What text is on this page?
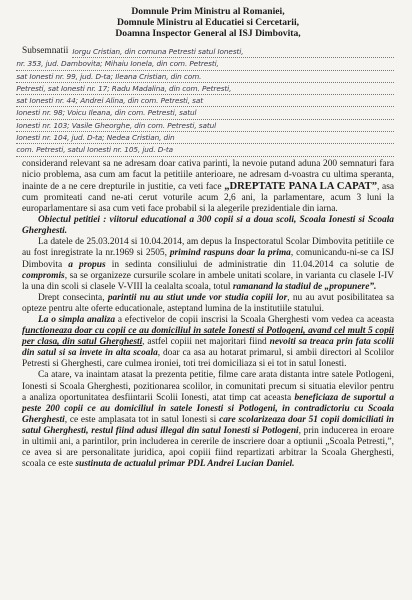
Domnule Prim Ministru al Romaniei,
Domnule Ministru al Educatiei si Cercetarii,
Doamna Inspector General al ISJ Dimbovita,
Subsemnatii Iorgu Cristian, din comuna Petresti satul Ionesti,
nr. 353, jud. Dambovita; Mihaiu Ionela, din com. Petresti,
sat Ionesti nr. 99, jud. D-ta; Ileana Cristian, din com.
Petresti, sat Ionesti nr. 17; Radu Madalina, din com. Petresti,
sat Ionesti nr. 44; Andrei Alina, din com. Petresti, sat
Ionesti nr. 98; Voicu Ileana, din com. Petresti, satul
Ionesti nr. 103; Vasile Gheorghe, din com. Petresti, satul
Ionesti nr. 104, jud. D-ta; Nedea Cristian, din
com. Petresti, satul Ionesti nr. 105, jud. D-ta

considerand relevant sa ne adresam doar cativa parinti, la nevoie putand aduna 200 semnaturi fara nicio problema, asa cum am facut la petitiile anterioare, ne adresam d-voastra cu ultima speranta, inainte de a ne cere drepturile in justitie, ca veti face „DREPTATE PANA LA CAPAT”, asa cum promiteati cand ne-ati cerut voturile acum 2,6 ani, la parlamentare, acum 3 luni la europarlamentare si asa cum veti face probabil si la alegerile prezidentiale din iarna.

Obiectul petitiei : viitorul educational a 300 copii si a doua scoli, Scoala Ionesti si Scoala Gherghesti.

La datele de 25.03.2014 si 10.04.2014, am depus la Inspectoratul Scolar Dimbovita petitiile ce au fost inregistrate la nr.1969 si 2505, primind raspuns doar la prima, comunicandu-ni-se ca ISJ Dimbovita a propus in sedinta consiliului de administratie din 11.04.2014 ca solutie de compromis, sa se organizeze cursurile scolare in ambele unitati scolare, in varianta cu clasele I-IV la una din scoli si clasele V-VIII la cealalta scoala, totul ramanand la stadiul de „propunere”.

Drept consecinta, parintii nu au stiut unde vor studia copiii lor, nu au avut posibilitatea sa opteze pentru alte oferte educationale, asteptand lumina de la institutiile statului.

La o simpla analiza a efectivelor de copii inscrisi la Scoala Gherghesti vom vedea ca aceasta functioneaza doar cu copii ce au domiciliul in satele Ionesti si Potlogeni, avand cel mult 5 copii per clasa, din satul Gherghesti, astfel copiii net majoritari fiind nevoiti sa treaca prin fata scolii din satul si sa invete in alta scoala, doar ca asa au hotarat primarul, si ambii directori al Scolilor Petresti si Gherghesti, care culmea ironiei, toti trei domiciliaza si ei tot in satul Ionesti.

Ca atare, va inaintam atasat la prezenta petitie, filme care arata distanta intre satele Potlogeni, Ionesti si Scoala Gherghesti, pozitionarea scolilor, in comunitati precum si situatia elevilor pentru a analiza oportunitatea desfiintarii Scolii Ionesti, atat timp cat aceasta beneficiaza de suportul a peste 200 copii ce au domiciliul in satele Ionesti si Potlogeni, in contradictoriu cu Scoala Gherghesti, ce este amplasata tot in satul Ionesti si care scolarizeaza doar 51 copii domiciliati in satul Gherghesti, restul fiind adusi illegal din satul Ionesti si Potlogeni, prin inducerea in eroare in ultimii ani, a parintilor, prin includerea in cererile de inscriere doar a optiunii „Scoala Petresti,”, ce avea si are personalitate juridica, apoi copiii fiind repartizati arbitrar la Scoala Gherghesti, scoala ce este sustinuta de actualul primar PDL Andrei Lucian Daniel.
